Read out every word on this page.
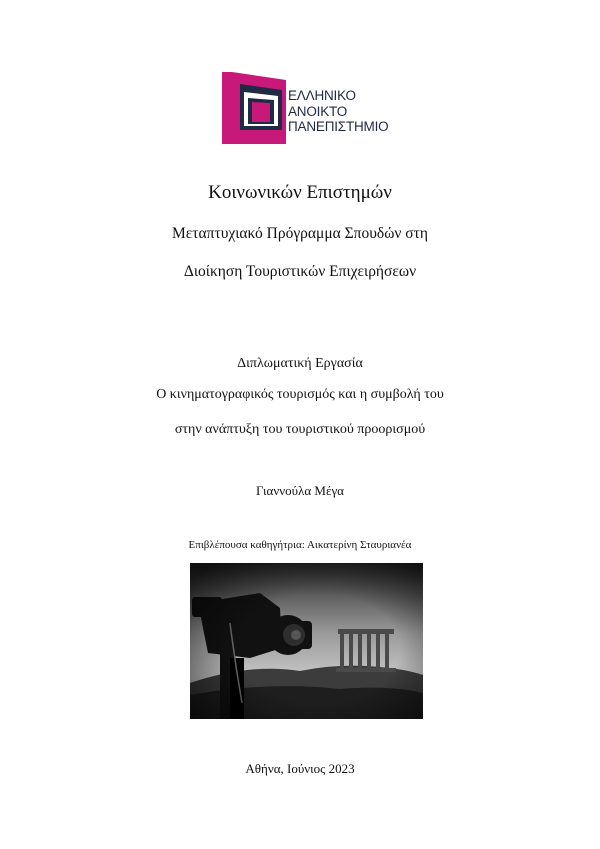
ΕΛΛΗΝΙΚΟ
ΑΝΟΙΚΤΟ
ΠΑΝΕΠΙΣΤΗΜΙΟ
Κοινωνικών Επιστημών
Μεταπτυχιακό Πρόγραμμα Σπουδών στη
Διοίκηση Τουριστικών Επιχειρήσεων
Διπλωματική Εργασία
Ο κινηματογραφικός τουρισμός και η συμβολή του
στην ανάπτυξη του τουριστικού προορισμού
Γιαννούλα Μέγα
Επιβλέπουσα καθηγήτρια: Αικατερίνη Σταυριανέα
Αθήνα, Ιούνιος 2023
